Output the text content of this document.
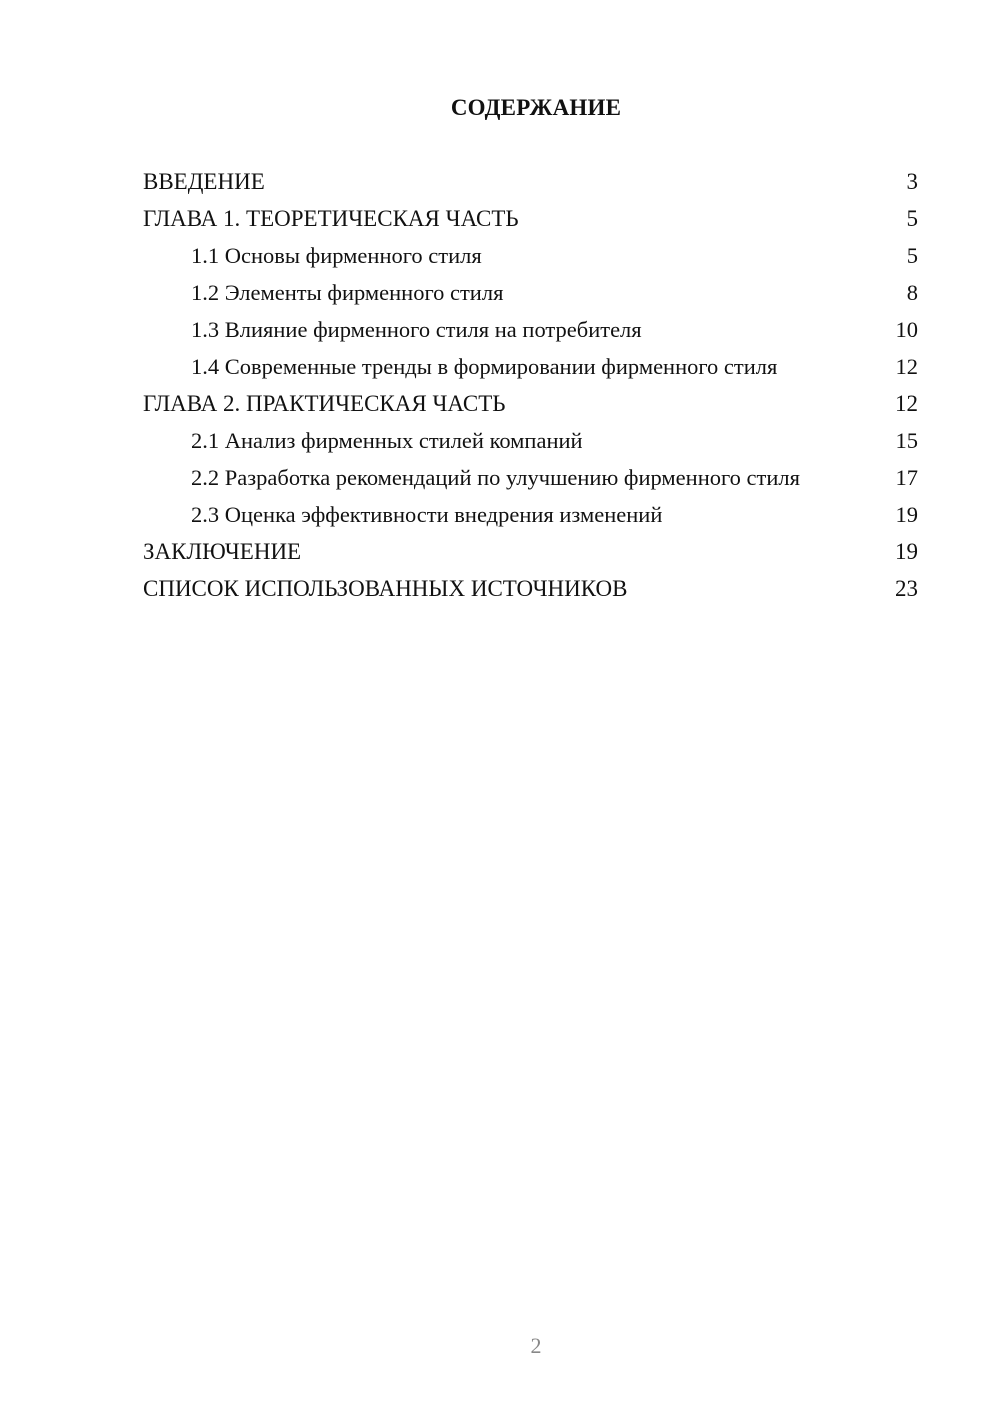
СОДЕРЖАНИЕ
ВВЕДЕНИЕ	3
ГЛАВА 1. ТЕОРЕТИЧЕСКАЯ ЧАСТЬ	5
1.1 Основы фирменного стиля	5
1.2 Элементы фирменного стиля	8
1.3 Влияние фирменного стиля на потребителя	10
1.4 Современные тренды в формировании фирменного стиля	12
ГЛАВА 2. ПРАКТИЧЕСКАЯ ЧАСТЬ	12
2.1 Анализ фирменных стилей компаний	15
2.2 Разработка рекомендаций по улучшению фирменного стиля	17
2.3 Оценка эффективности внедрения изменений	19
ЗАКЛЮЧЕНИЕ	19
СПИСОК ИСПОЛЬЗОВАННЫХ ИСТОЧНИКОВ	23
2
